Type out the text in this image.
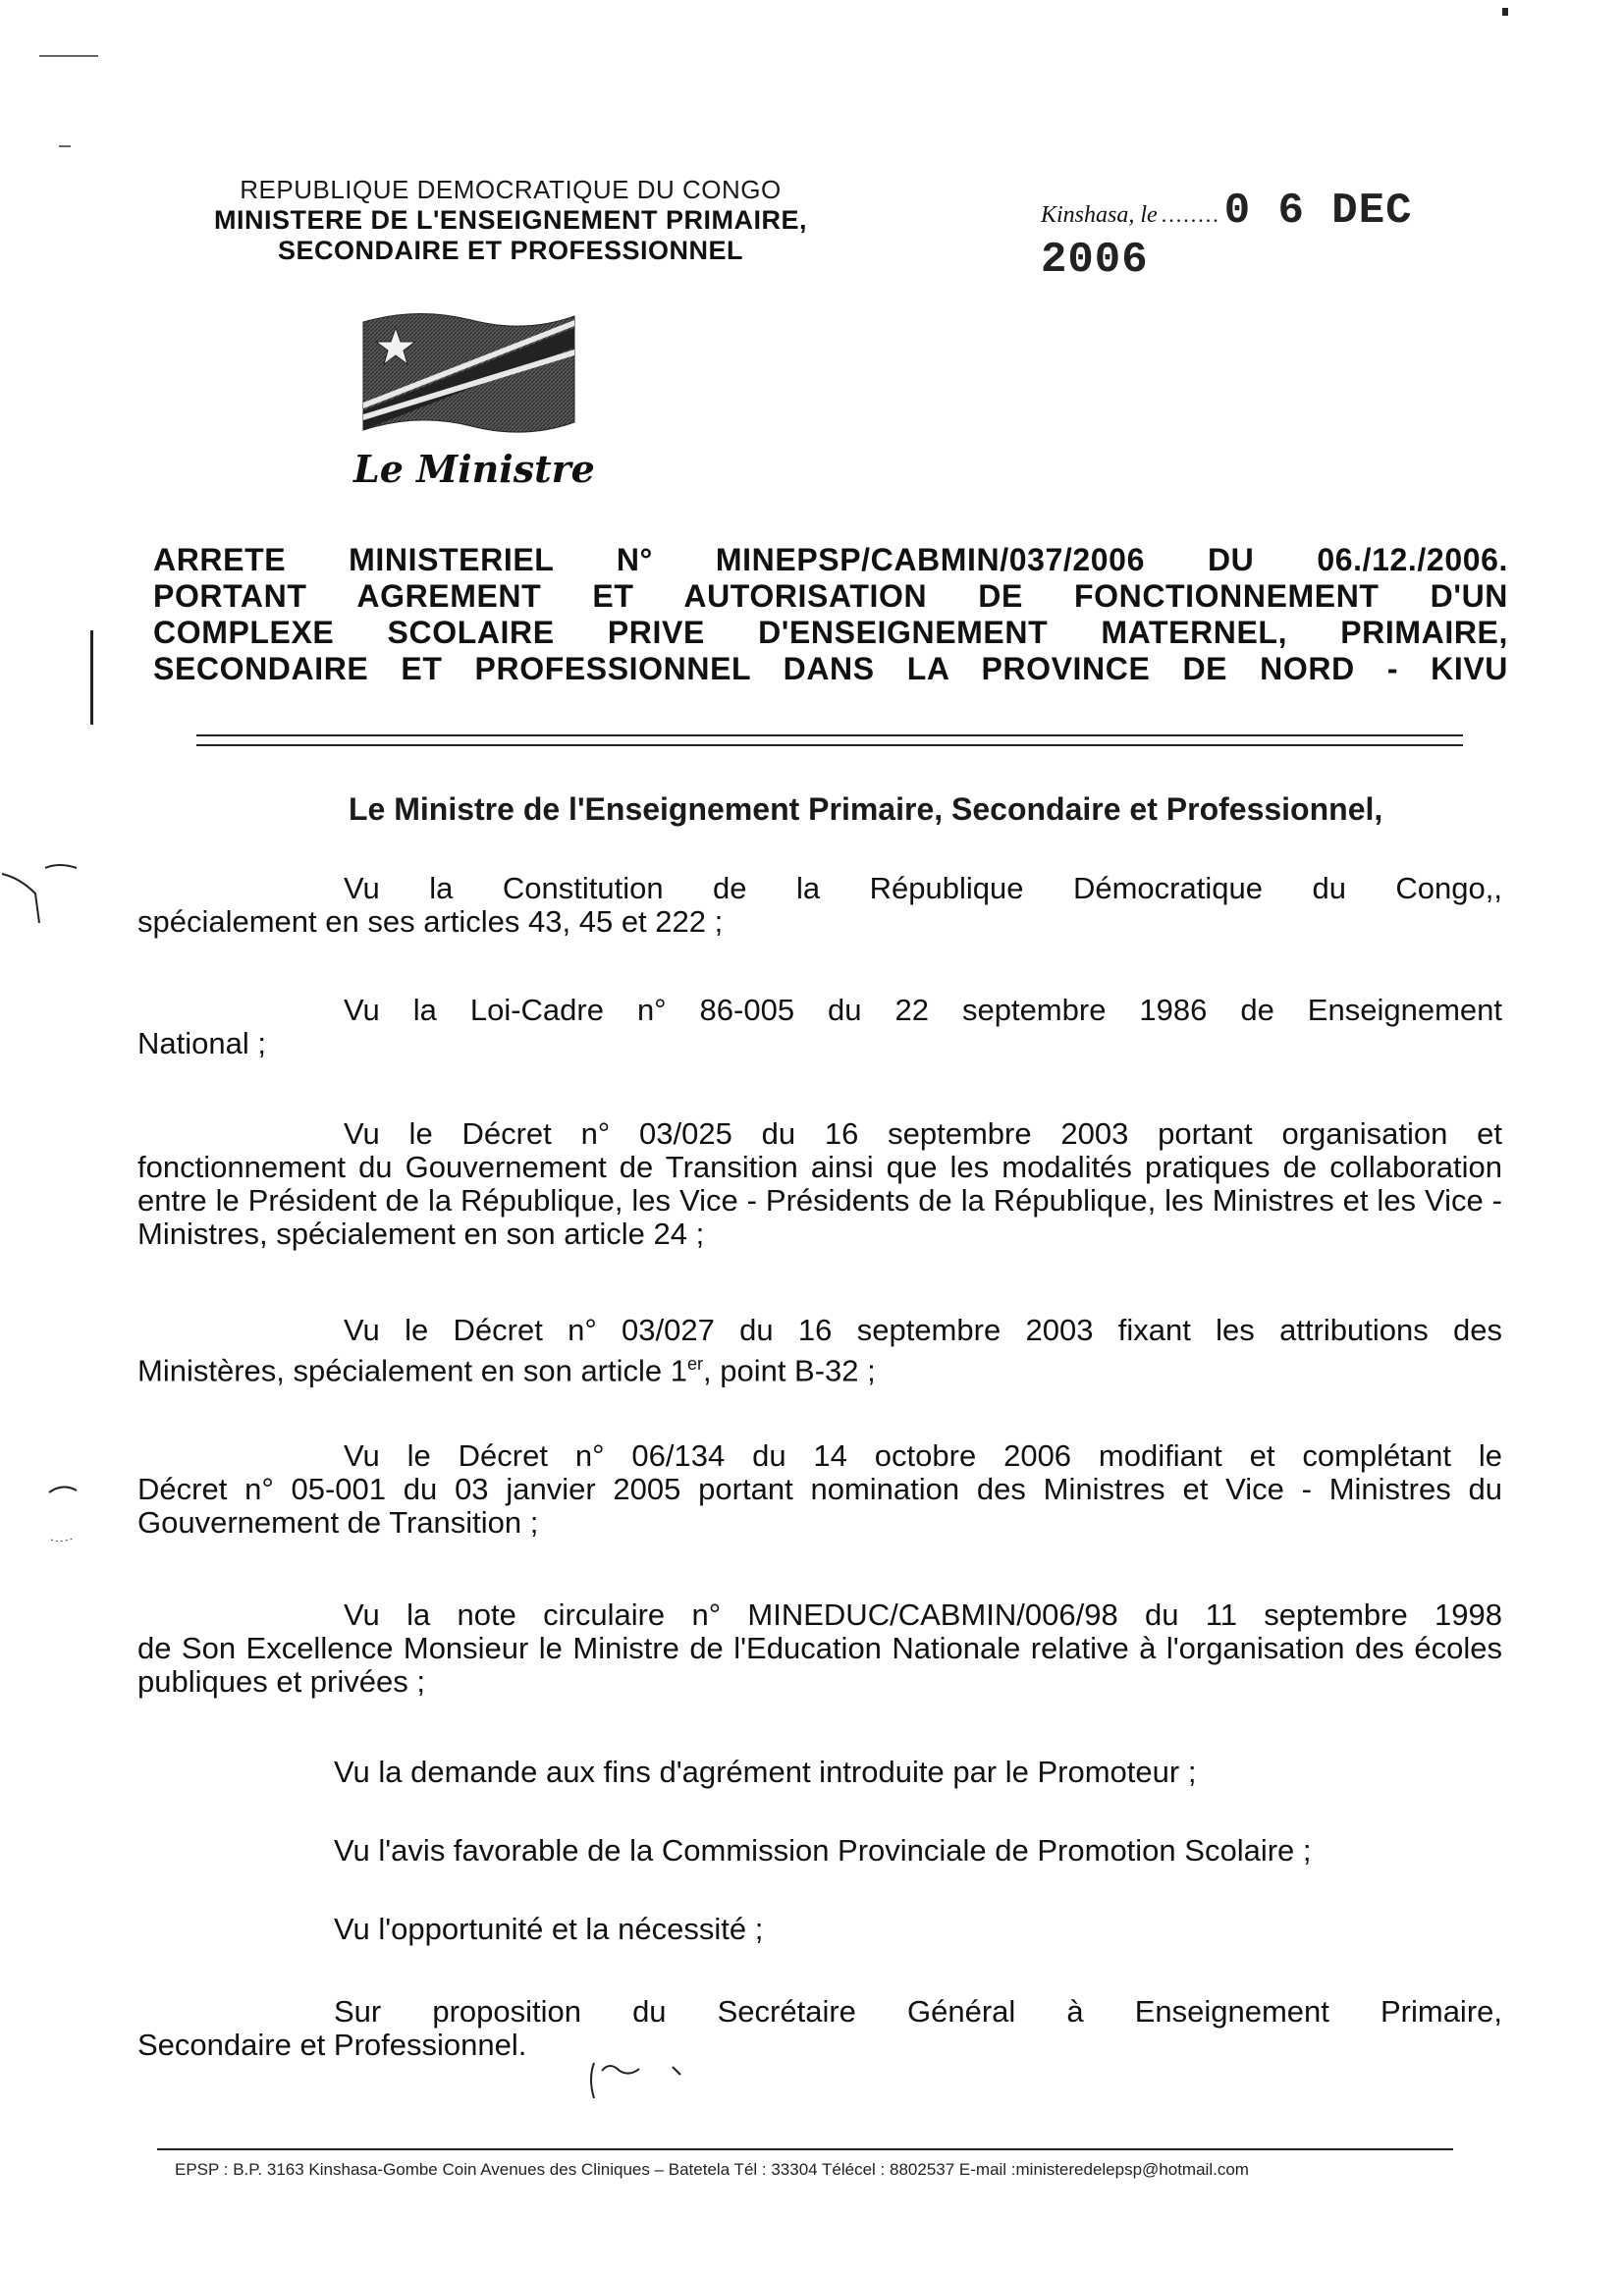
REPUBLIQUE DEMOCRATIQUE DU CONGO
MINISTERE DE L'ENSEIGNEMENT PRIMAIRE,
SECONDAIRE ET PROFESSIONNEL
Kinshasa, le ........ 0 6 DEC 2006
Le Ministre
ARRETE MINISTERIEL N° MINEPSP/CABMIN/0​37/2006 DU 06./12./2006.
PORTANT AGREMENT ET AUTORISATION DE FONCTIONNEMENT D'UN
COMPLEXE SCOLAIRE PRIVE D'ENSEIGNEMENT MATERNEL, PRIMAIRE,
SECONDAIRE ET PROFESSIONNEL DANS LA PROVINCE DE NORD - KIVU
Le Ministre de l'Enseignement Primaire, Secondaire et Professionnel,
Vu la Constitution de la République Démocratique du Congo,,
spécialement en ses articles 43, 45 et 222 ;
Vu la Loi-Cadre n° 86-005 du 22 septembre 1986 de Enseignement
National ;
Vu le Décret n° 03/025 du 16 septembre 2003 portant organisation et
fonctionnement du Gouvernement de Transition ainsi que les modalités pratiques de collaboration entre le Président de la République, les Vice - Présidents de la République, les Ministres et les Vice - Ministres, spécialement en son article 24 ;
Vu le Décret n° 03/027 du 16 septembre 2003 fixant les attributions des
Ministères, spécialement en son article 1er, point B-32 ;
Vu le Décret n° 06/134 du 14 octobre 2006 modifiant et complétant le
Décret n° 05-001 du 03 janvier 2005 portant nomination des Ministres et Vice - Ministres du Gouvernement de Transition ;
Vu la note circulaire n° MINEDUC/CABMIN/006/98 du 11 septembre 1998
de Son Excellence Monsieur le Ministre de l'Education Nationale relative à l'organisation des écoles publiques et privées ;
Vu la demande aux fins d'agrément introduite par le Promoteur ;
Vu l'avis favorable de la Commission Provinciale de Promotion Scolaire ;
Vu l'opportunité et la nécessité ;
Sur proposition du Secrétaire Général à Enseignement Primaire,
Secondaire et Professionnel.
EPSP : B.P. 3163 Kinshasa-Gombe Coin Avenues des Cliniques – Batetela Tél : 33304 Télécel : 8802537 E-mail :ministeredelepsp@hotmail.com
